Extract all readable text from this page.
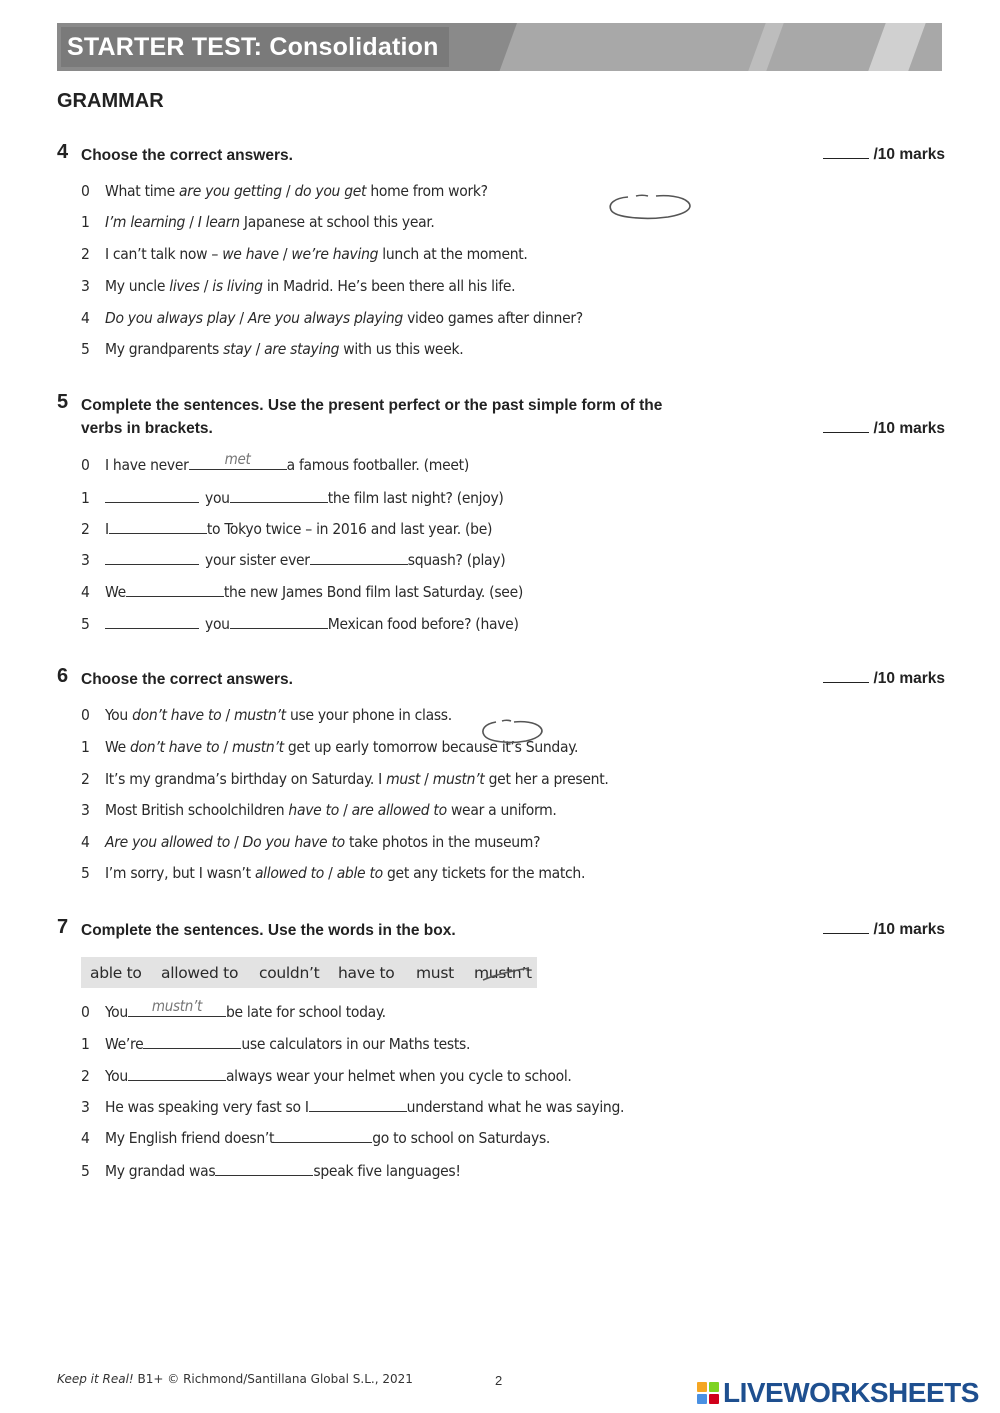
STARTER TEST: Consolidation
GRAMMAR
4 Choose the correct answers.	/10 marks
0 What time are you getting / do you get home from work?
1 I’m learning / I learn Japanese at school this year.
2 I can’t talk now – we have / we’re having lunch at the moment.
3 My uncle lives / is living in Madrid. He’s been there all his life.
4 Do you always play / Are you always playing video games after dinner?
5 My grandparents stay / are staying with us this week.
5 Complete the sentences. Use the present perfect or the past simple form of the verbs in brackets.	/10 marks
0 I have never	met	a famous footballer. (meet)
1	you	the film last night? (enjoy)
2 I	to Tokyo twice – in 2016 and last year. (be)
3	your sister ever	squash? (play)
4 We	the new James Bond film last Saturday. (see)
5	you	Mexican food before? (have)
6 Choose the correct answers.	/10 marks
0 You don’t have to / mustn’t use your phone in class.
1 We don’t have to / mustn’t get up early tomorrow because it’s Sunday.
2 It’s my grandma’s birthday on Saturday. I must / mustn’t get her a present.
3 Most British schoolchildren have to / are allowed to wear a uniform.
4 Are you allowed to / Do you have to take photos in the museum?
5 I’m sorry, but I wasn’t allowed to / able to get any tickets for the match.
7 Complete the sentences. Use the words in the box.	/10 marks
able to allowed to couldn’t have to must mustn’t
0 You	mustn’t	be late for school today.
1 We’re	use calculators in our Maths tests.
2 You	always wear your helmet when you cycle to school.
3 He was speaking very fast so I	understand what he was saying.
4 My English friend doesn’t	go to school on Saturdays.
5 My grandad was	speak five languages!
Keep it Real! B1+ © Richmond/Santillana Global S.L., 2021	2	LIVEWORKSHEETS
